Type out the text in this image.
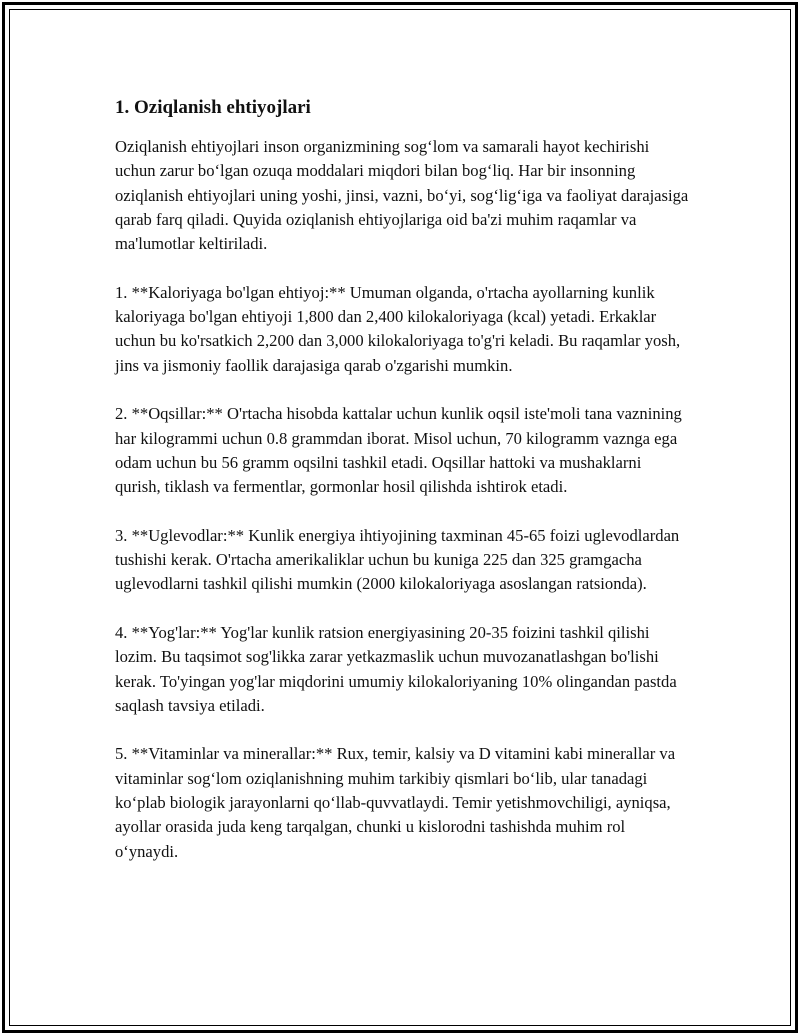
1. Oziqlanish ehtiyojlari

Oziqlanish ehtiyojlari inson organizmining sog‘lom va samarali hayot kechirishi uchun zarur bo‘lgan ozuqa moddalari miqdori bilan bog‘liq. Har bir insonning oziqlanish ehtiyojlari uning yoshi, jinsi, vazni, bo‘yi, sog‘lig‘iga va faoliyat darajasiga qarab farq qiladi. Quyida oziqlanish ehtiyojlariga oid ba'zi muhim raqamlar va ma'lumotlar keltiriladi.

1. **Kaloriyaga bo'lgan ehtiyoj:** Umuman olganda, o'rtacha ayollarning kunlik kaloriyaga bo'lgan ehtiyoji 1,800 dan 2,400 kilokaloriyaga (kcal) yetadi. Erkaklar uchun bu ko'rsatkich 2,200 dan 3,000 kilokaloriyaga to'g'ri keladi. Bu raqamlar yosh, jins va jismoniy faollik darajasiga qarab o'zgarishi mumkin.

2. **Oqsillar:** O'rtacha hisobda kattalar uchun kunlik oqsil iste'moli tana vaznining har kilogrammi uchun 0.8 grammdan iborat. Misol uchun, 70 kilogramm vaznga ega odam uchun bu 56 gramm oqsilni tashkil etadi. Oqsillar hattoki va mushaklarni qurish, tiklash va fermentlar, gormonlar hosil qilishda ishtirok etadi.

3. **Uglevodlar:** Kunlik energiya ihtiyojining taxminan 45-65 foizi uglevodlardan tushishi kerak. O'rtacha amerikaliklar uchun bu kuniga 225 dan 325 gramgacha uglevodlarni tashkil qilishi mumkin (2000 kilokaloriyaga asoslangan ratsionda).

4. **Yog'lar:** Yog'lar kunlik ratsion energiyasining 20-35 foizini tashkil qilishi lozim. Bu taqsimot sog'likka zarar yetkazmaslik uchun muvozanatlashgan bo'lishi kerak. To'yingan yog'lar miqdorini umumiy kilokaloriyaning 10% olingandan pastda saqlash tavsiya etiladi.

5. **Vitaminlar va minerallar:** Rux, temir, kalsiy va D vitamini kabi minerallar va vitaminlar sog‘lom oziqlanishning muhim tarkibiy qismlari bo‘lib, ular tanadagi ko‘plab biologik jarayonlarni qo‘llab-quvvatlaydi. Temir yetishmovchiligi, ayniqsa, ayollar orasida juda keng tarqalgan, chunki u kislorodni tashishda muhim rol o‘ynaydi.
